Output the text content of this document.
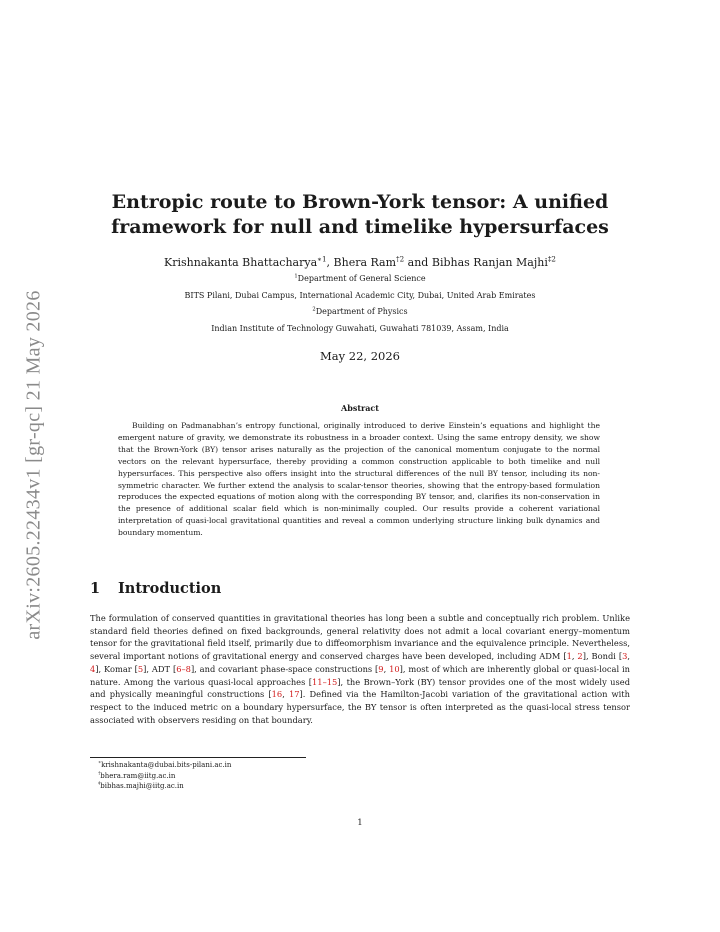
arXiv:2605.22434v1 [gr-qc] 21 May 2026
Entropic route to Brown-York tensor: A unified
framework for null and timelike hypersurfaces
Krishnakanta Bhattacharya$^{∗1}$, Bhera Ram$^{\dagger 2}$ and Bibhas Ranjan Majhi$^{\ddagger 2}$
$^1$Department of General Science
BITS Pilani, Dubai Campus, International Academic City, Dubai, United Arab Emirates
$^2$Department of Physics
Indian Institute of Technology Guwahati, Guwahati 781039, Assam, India
May 22, 2026
Abstract
Building on Padmanabhan’s entropy functional, originally introduced to derive Einstein’s equations and highlight the emergent nature of gravity, we demonstrate its robustness in a broader context. Using the same entropy density, we show that the Brown-York (BY) tensor arises naturally as the projection of the canonical momentum conjugate to the normal vectors on the relevant hypersurface, thereby providing a common construction applicable to both timelike and null hypersurfaces. This perspective also offers insight into the structural differences of the null BY tensor, including its non-symmetric character. We further extend the analysis to scalar-tensor theories, showing that the entropy-based formulation reproduces the expected equations of motion along with the corresponding BY tensor, and, clarifies its non-conservation in the presence of additional scalar field which is non-minimally coupled. Our results provide a coherent variational interpretation of quasi-local gravitational quantities and reveal a common underlying structure linking bulk dynamics and boundary momentum.
1 Introduction
The formulation of conserved quantities in gravitational theories has long been a subtle and conceptually rich problem. Unlike standard field theories defined on fixed backgrounds, general relativity does not admit a local covariant energy–momentum tensor for the gravitational field itself, primarily due to diffeomorphism invariance and the equivalence principle. Nevertheless, several important notions of gravitational energy and conserved charges have been developed, including ADM [1, 2], Bondi [3, 4], Komar [5], ADT [6–8], and covariant phase-space constructions [9, 10], most of which are inherently global or quasi-local in nature. Among the various quasi-local approaches [11–15], the Brown–York (BY) tensor provides one of the most widely used and physically meaningful constructions [16, 17]. Defined via the Hamilton-Jacobi variation of the gravitational action with respect to the induced metric on a boundary hypersurface, the BY tensor is often interpreted as the quasi-local stress tensor associated with observers residing on that boundary.
∗krishnakanta@dubai.bits-pilani.ac.in
†bhera.ram@iitg.ac.in
‡bibhas.majhi@iitg.ac.in
1
